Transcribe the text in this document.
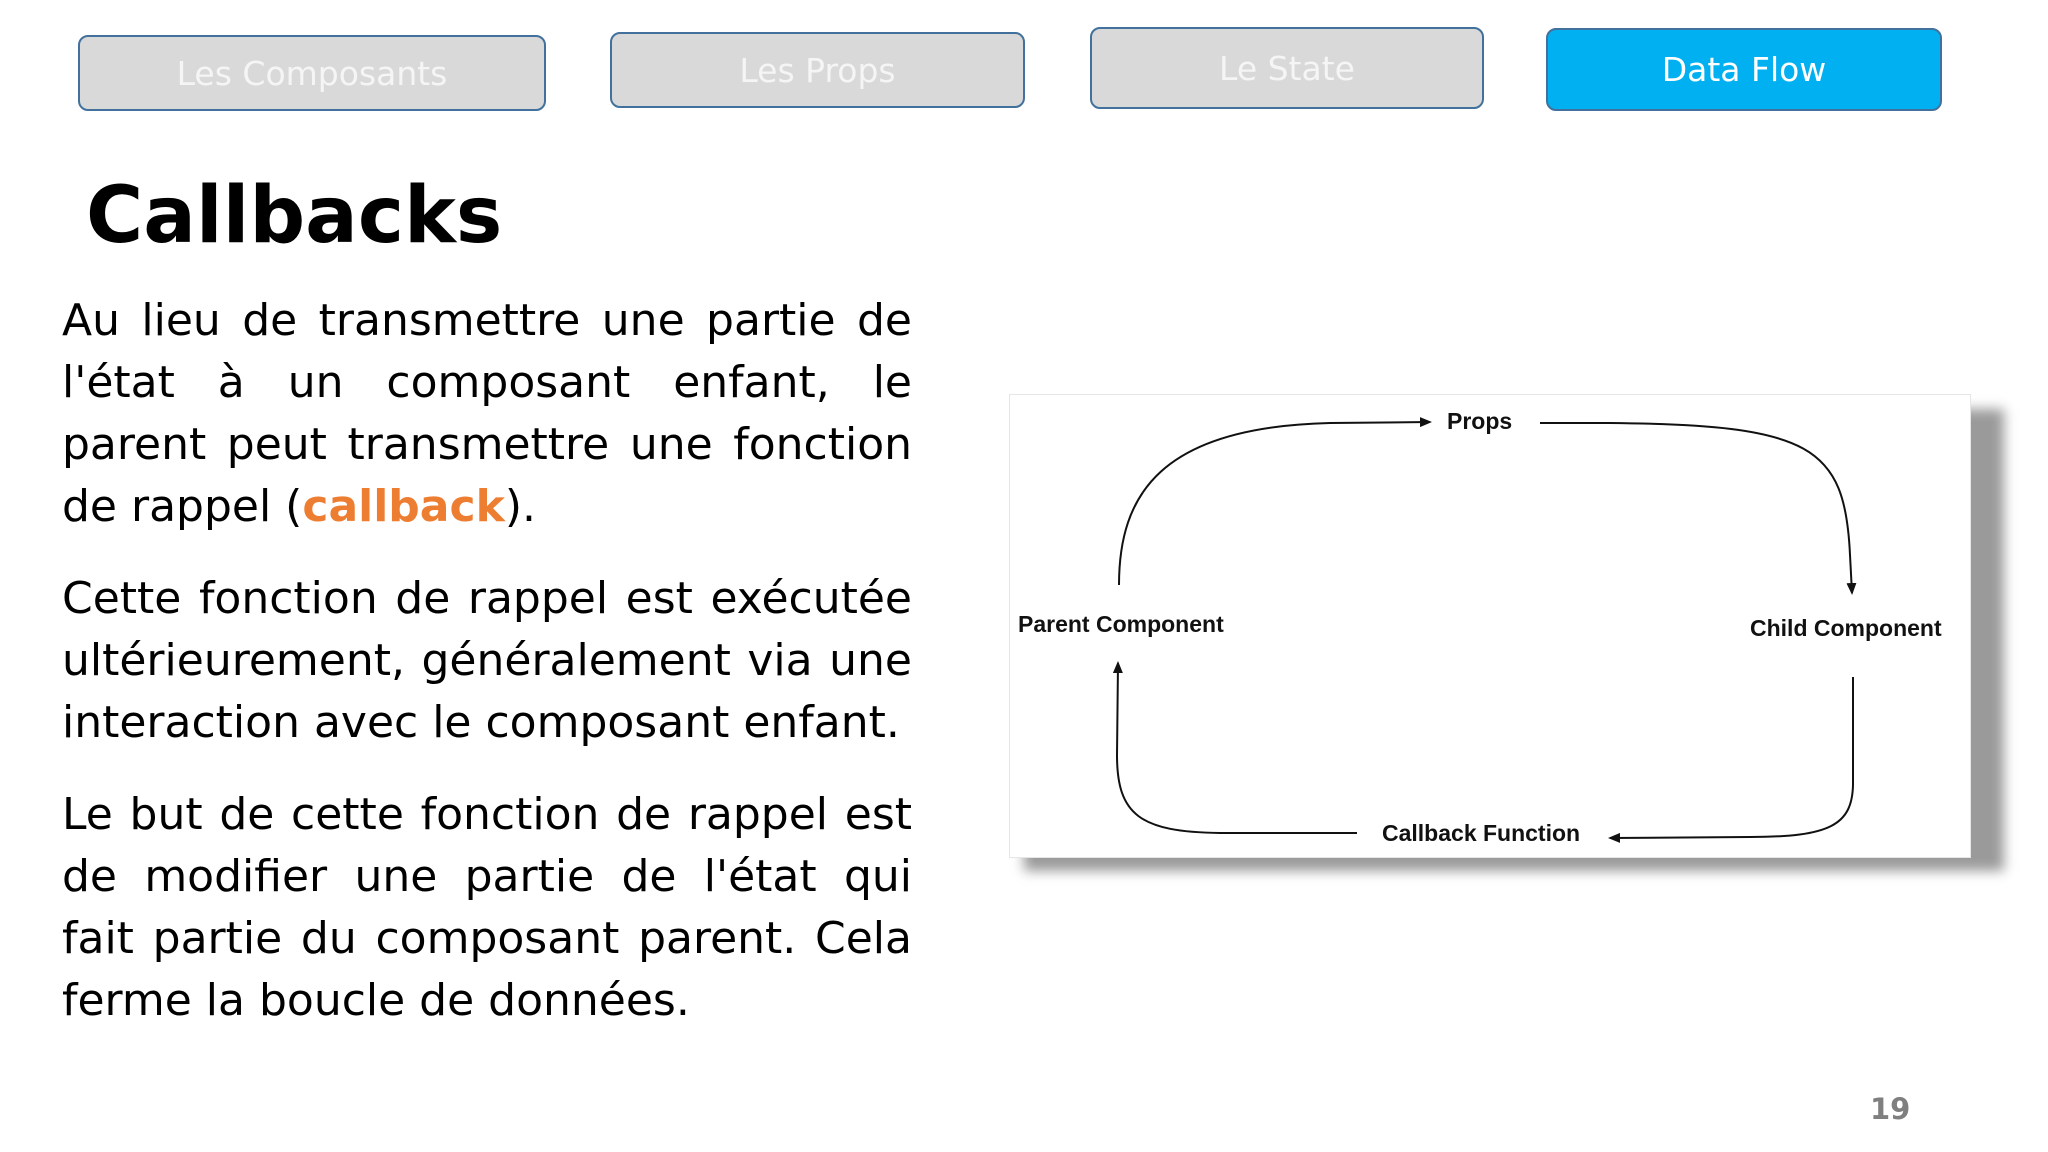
Les Composants	Les Props	Le State	Data Flow
Callbacks

Au lieu de transmettre une partie de l'état à un composant enfant, le parent peut transmettre une fonction de rappel (callback).

Cette fonction de rappel est exécutée ultérieurement, généralement via une interaction avec le composant enfant.

Le but de cette fonction de rappel est de modifier une partie de l'état qui fait partie du composant parent. Cela ferme la boucle de données.

Props
Parent Component	Child Component
Callback Function
19
